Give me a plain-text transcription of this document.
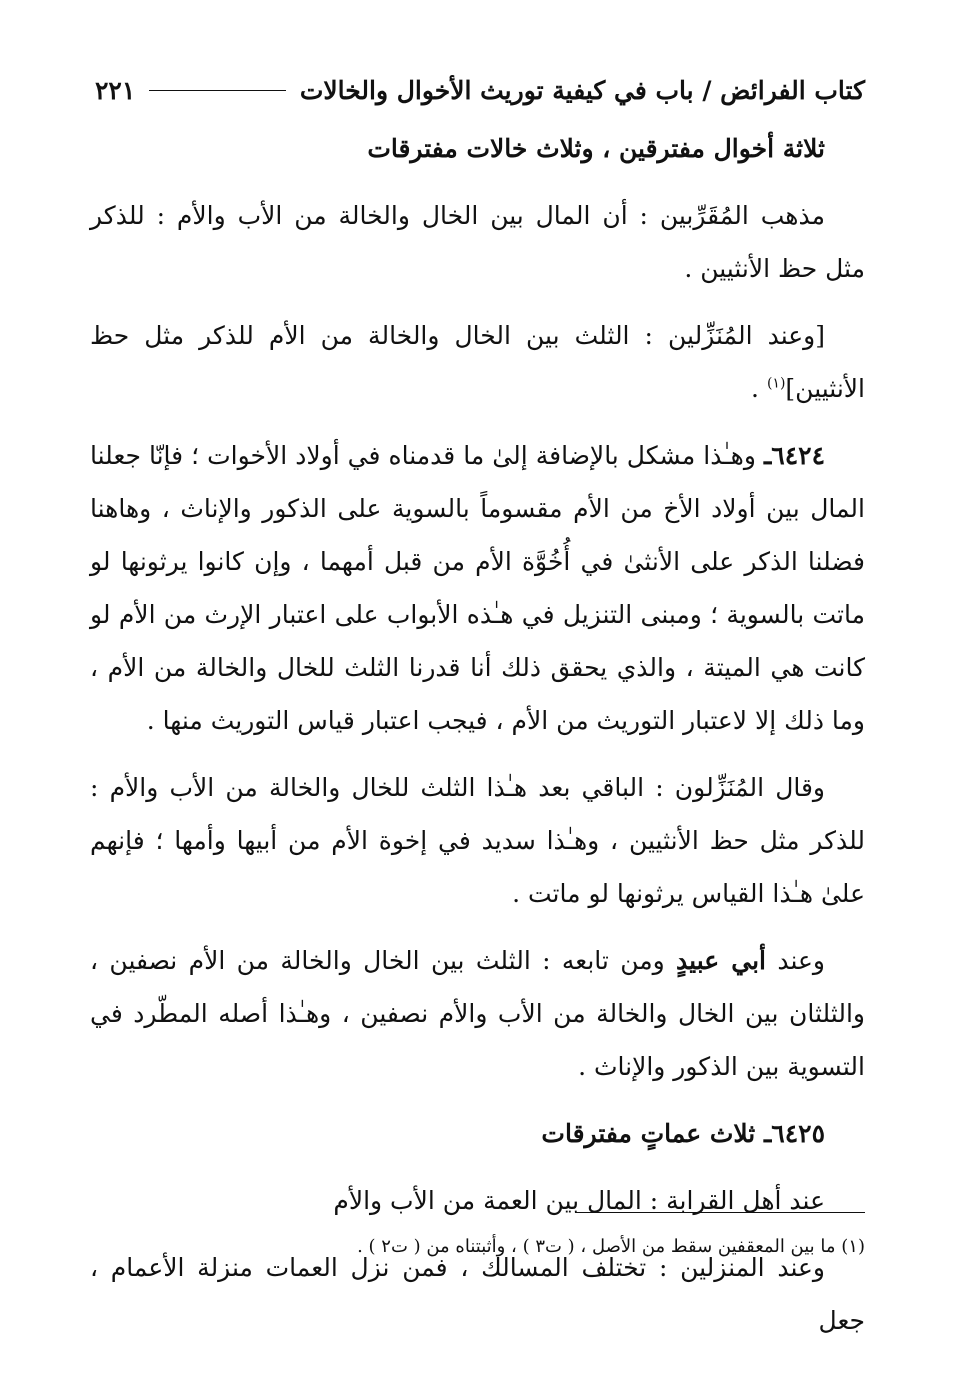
كتاب الفرائض / باب في كيفية توريث الأخوال والخالات
٢٢١

ثلاثة أخوال مفترقين ، وثلاث خالات مفترقات

مذهب المُقَرِّبين : أن المال بين الخال والخالة من الأب والأم : للذكر مثل حظ الأنثيين .

[وعند المُنَزِّلين : الثلث بين الخال والخالة من الأم للذكر مثل حظ الأنثيين]$^{(١)}$ .

٦٤٢٤ـ وهـٰذا مشكل بالإضافة إلىٰ ما قدمناه في أولاد الأخوات ؛ فإنّا جعلنا المال بين أولاد الأخ من الأم مقسوماً بالسوية على الذكور والإناث ، وهاهنا فضلنا الذكر على الأنثىٰ في أُخُوَّة الأم من قبل أمهما ، وإن كانوا يرثونها لو ماتت بالسوية ؛ ومبنى التنزيل في هـٰذه الأبواب على اعتبار الإرث من الأم لو كانت هي الميتة ، والذي يحقق ذلك أنا قدرنا الثلث للخال والخالة من الأم ، وما ذلك إلا لاعتبار التوريث من الأم ، فيجب اعتبار قياس التوريث منها .

وقال المُنَزِّلون : الباقي بعد هـٰذا الثلث للخال والخالة من الأب والأم : للذكر مثل حظ الأنثيين ، وهـٰذا سديد في إخوة الأم من أبيها وأمها ؛ فإنهم علىٰ هـٰذا القياس يرثونها لو ماتت .

وعند أبي عبيدٍ ومن تابعه : الثلث بين الخال والخالة من الأم نصفين ، والثلثان بين الخال والخالة من الأب والأم نصفين ، وهـٰذا أصله المطّرد في التسوية بين الذكور والإناث .

٦٤٢٥ـ ثلاث عماتٍ مفترقات

عند أهل القرابة : المال بين العمة من الأب والأم

وعند المنزلين : تختلف المسالك ، فمن نزل العمات منزلة الأعمام ، جعل

(١) ما بين المعقفين سقط من الأصل ، ( ت٣ ) ، وأثبتناه من ( ت٢ ) .
